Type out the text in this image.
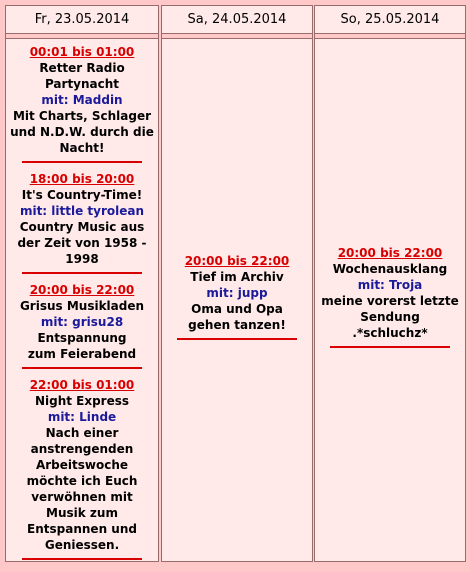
Fr, 23.05.2014
00:01 bis 01:00
Retter Radio Partynacht
mit: Maddin
Mit Charts, Schlager und N.D.W. durch die Nacht!
18:00 bis 20:00
It's Country-Time!
mit: little tyrolean
Country Music aus der Zeit von 1958 - 1998
20:00 bis 22:00
Grisus Musikladen
mit: grisu28
Entspannung zum Feierabend
22:00 bis 01:00
Night Express
mit: Linde
Nach einer anstrengenden Arbeitswoche möchte ich Euch verwöhnen mit Musik zum Entspannen und Geniessen.
Sa, 24.05.2014
20:00 bis 22:00
Tief im Archiv
mit: jupp
Oma und Opa gehen tanzen!
So, 25.05.2014
20:00 bis 22:00
Wochenausklang
mit: Troja
meine vorerst letzte Sendung .*schluchz*
